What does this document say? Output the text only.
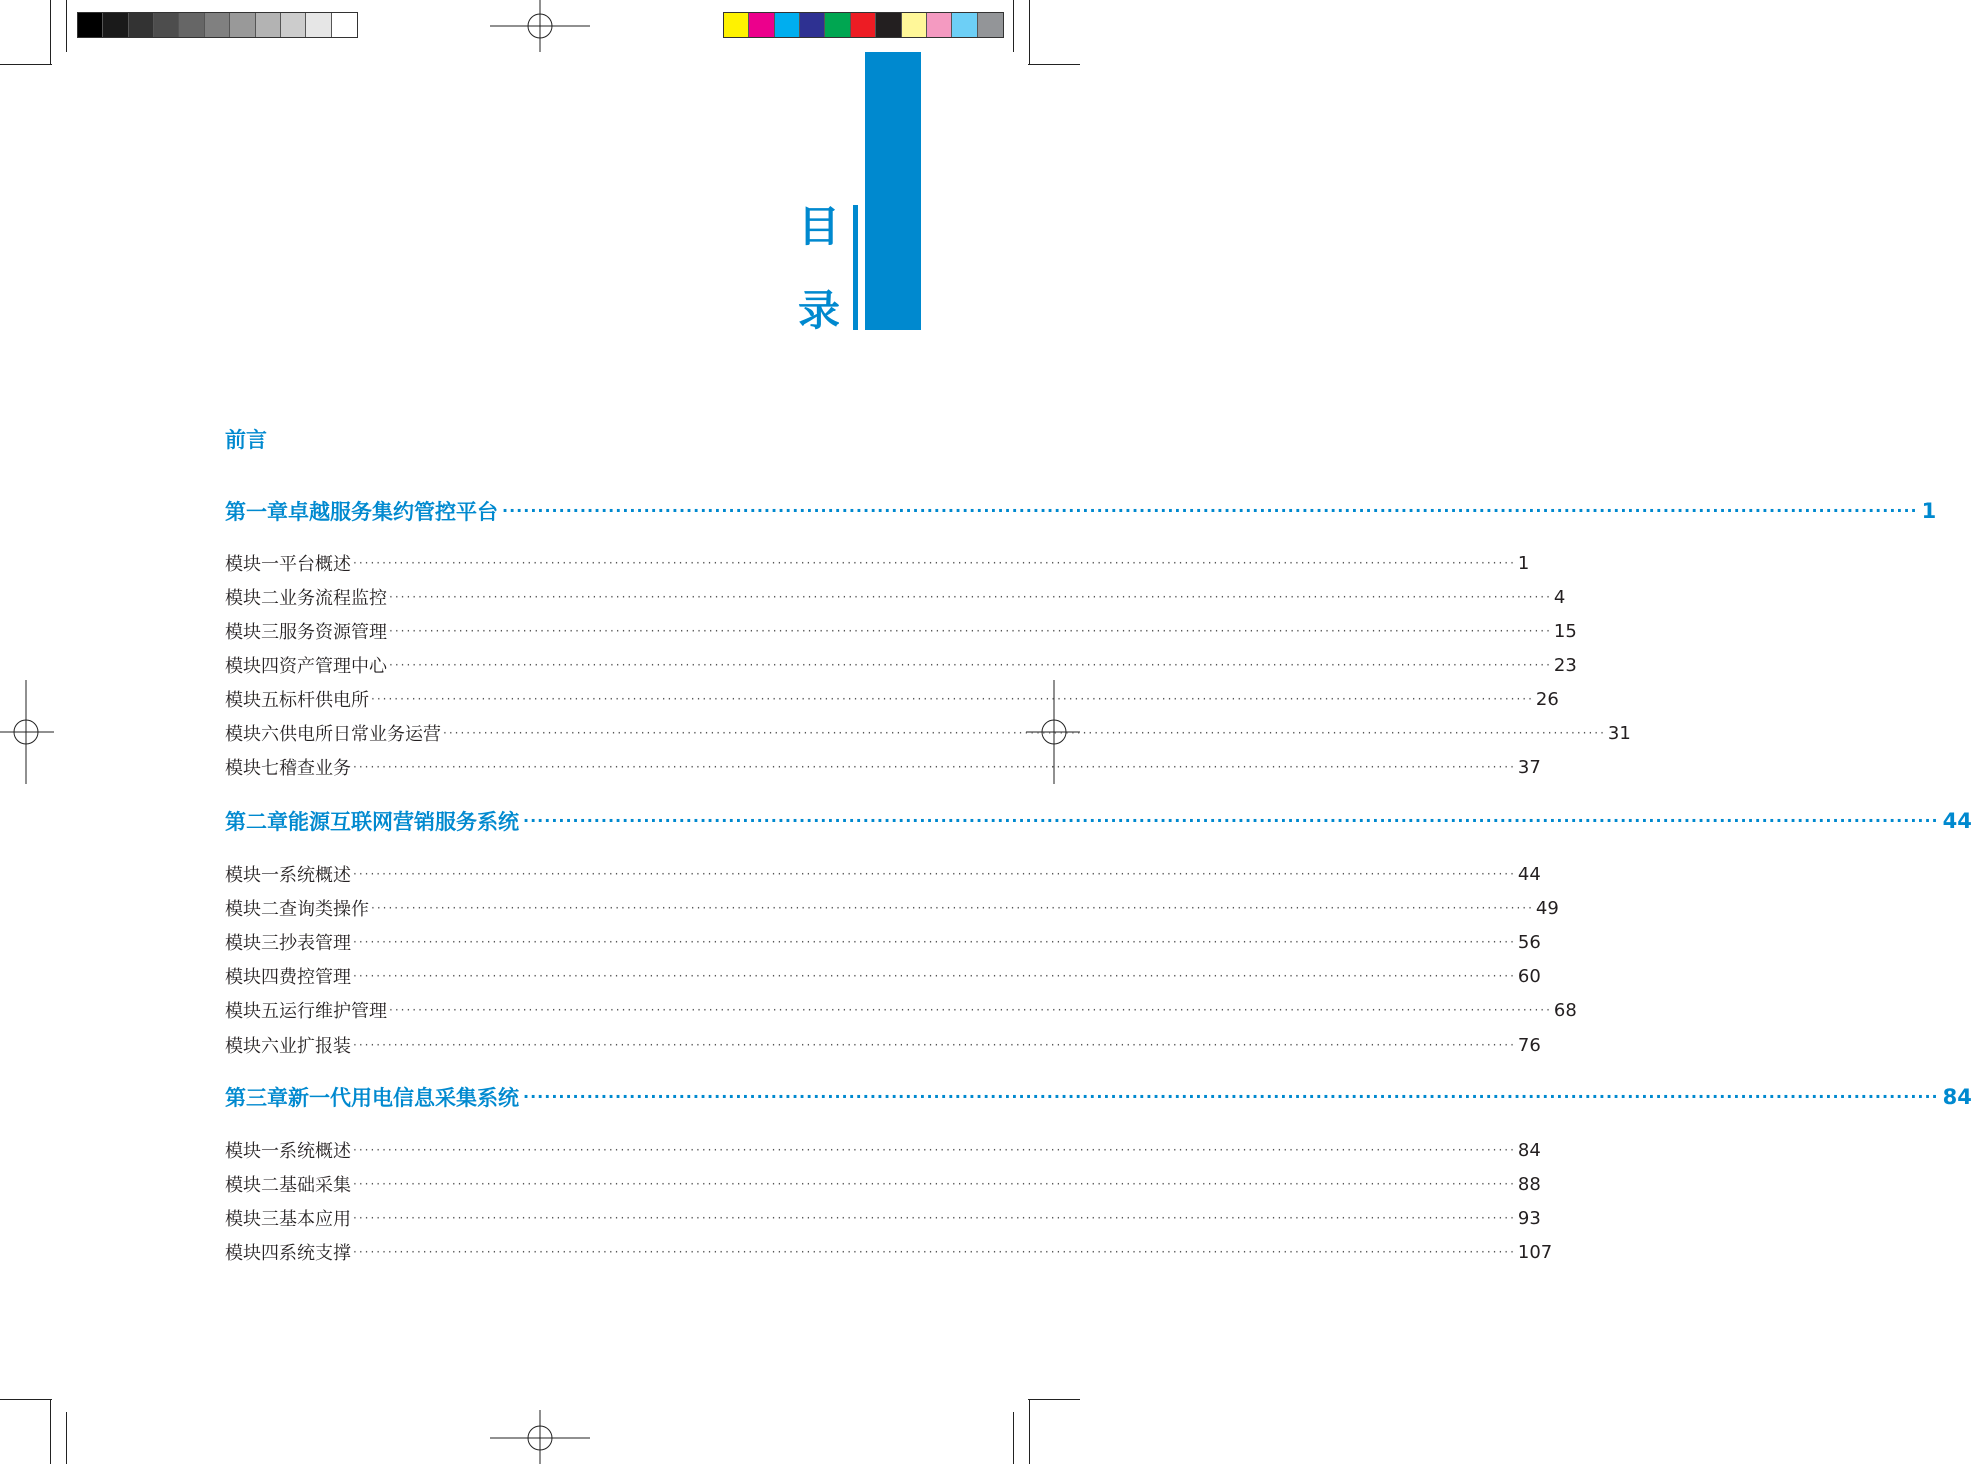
目
录
前言
第一章 卓越服务集约管控平台 ········································································································································································································ 1
模块一 平台概述 ········································································································································································································ 1
模块二 业务流程监控 ········································································································································································································ 4
模块三 服务资源管理 ········································································································································································································ 15
模块四 资产管理中心 ········································································································································································································ 23
模块五 标杆供电所 ········································································································································································································ 26
模块六 供电所日常业务运营 ········································································································································································································ 31
模块七 稽查业务 ········································································································································································································ 37
第二章 能源互联网营销服务系统 ········································································································································································································ 44
模块一 系统概述 ········································································································································································································ 44
模块二 查询类操作 ········································································································································································································ 49
模块三 抄表管理 ········································································································································································································ 56
模块四 费控管理 ········································································································································································································ 60
模块五 运行维护管理 ········································································································································································································ 68
模块六 业扩报装 ········································································································································································································ 76
第三章 新一代用电信息采集系统 ········································································································································································································ 84
模块一 系统概述 ········································································································································································································ 84
模块二 基础采集 ········································································································································································································ 88
模块三 基本应用 ········································································································································································································ 93
模块四 系统支撑 ········································································································································································································ 107
